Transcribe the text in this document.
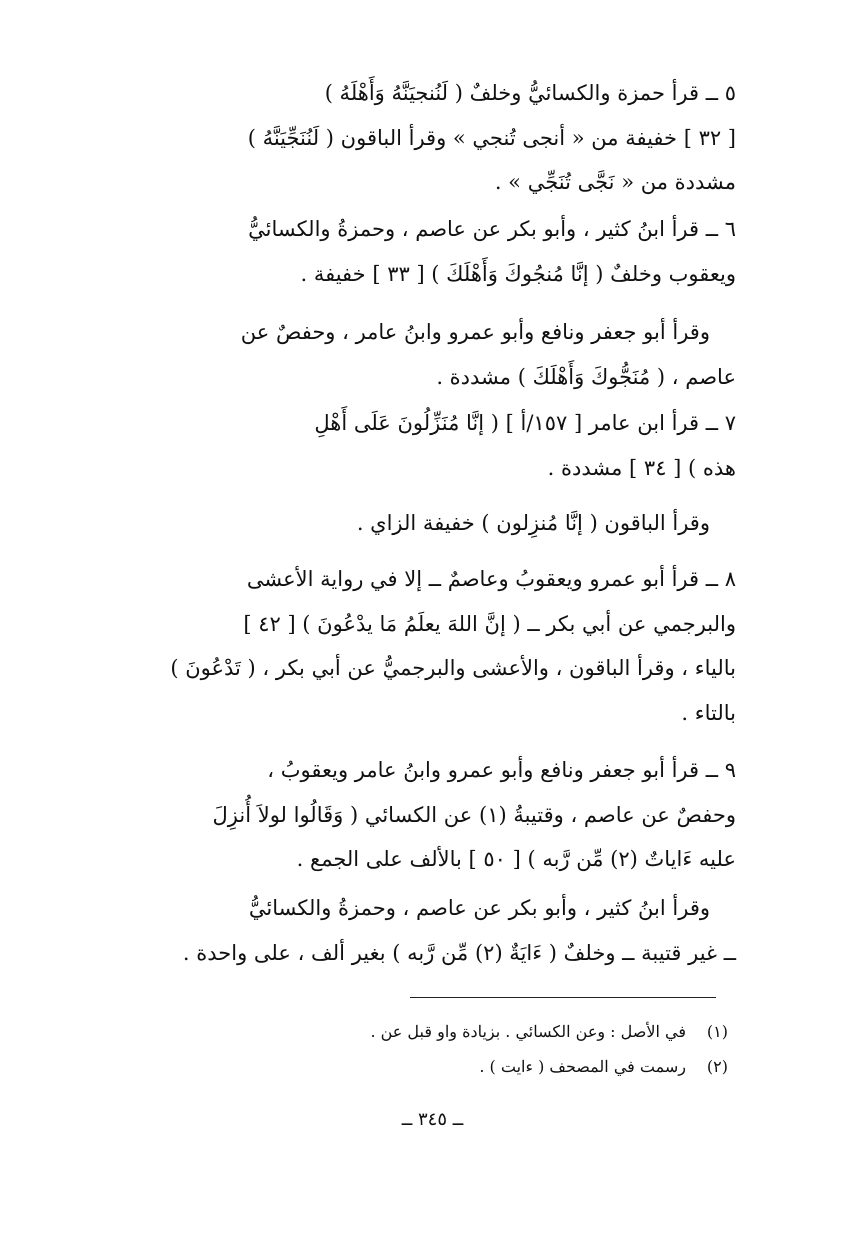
٥ ــ قرأ حمزة والكسائيُّ وخلفٌ ( لَنُنجيَنَّهُ وَأَهْلَهُ )
[ ٣٢ ] خفيفة من « أنجى تُنجي » وقرأ الباقون ( لَنُنَجِّيَنَّهُ )
مشددة من « نَجَّى تُنَجِّي » .

٦ ــ قرأ ابنُ كثير ، وأبو بكر عن عاصم ، وحمزةُ والكسائيُّ
ويعقوب وخلفٌ ( إنَّا مُنجُوكَ وَأَهْلَكَ ) [ ٣٣ ] خفيفة .

وقرأ أبو جعفر ونافع وأبو عمرو وابنُ عامر ، وحفصٌ عن
عاصم ، ( مُنَجُّوكَ وَأَهْلَكَ ) مشددة .

٧ ــ قرأ ابن عامر [ ١٥٧/أ ] ( إنَّا مُنَزِّلُونَ عَلَى أَهْلِ
هذه ) [ ٣٤ ] مشددة .

وقرأ الباقون ( إنَّا مُنزِلون ) خفيفة الزاي .

٨ ــ قرأ أبو عمرو ويعقوبُ وعاصمٌ ــ إلا في رواية الأعشى
والبرجمي عن أبي بكر ــ ( إنَّ اللهَ يعلَمُ مَا يدْعُونَ ) [ ٤٢ ]
بالياء ، وقرأ الباقون ، والأعشى والبرجميُّ عن أبي بكر ، ( تَدْعُونَ )
بالتاء .

٩ ــ قرأ أبو جعفر ونافع وأبو عمرو وابنُ عامر ويعقوبُ ،
وحفصٌ عن عاصم ، وقتيبةُ (١) عن الكسائي ( وَقَالُوا لولاَ أُنزِلَ
عليه ءَاياتٌ (٢) مِّن رَّبه ) [ ٥٠ ] بالألف على الجمع .

وقرأ ابنُ كثير ، وأبو بكر عن عاصم ، وحمزةُ والكسائيُّ
ــ غير قتيبة ــ وخلفٌ ( ءَايَةٌ (٢) مِّن رَّبه ) بغير ألف ، على واحدة .

(١)في الأصل : وعن الكسائي . بزيادة واو قبل عن .

(٢)رسمت في المصحف ( ءايت ) .

ــ ٣٤٥ ــ
